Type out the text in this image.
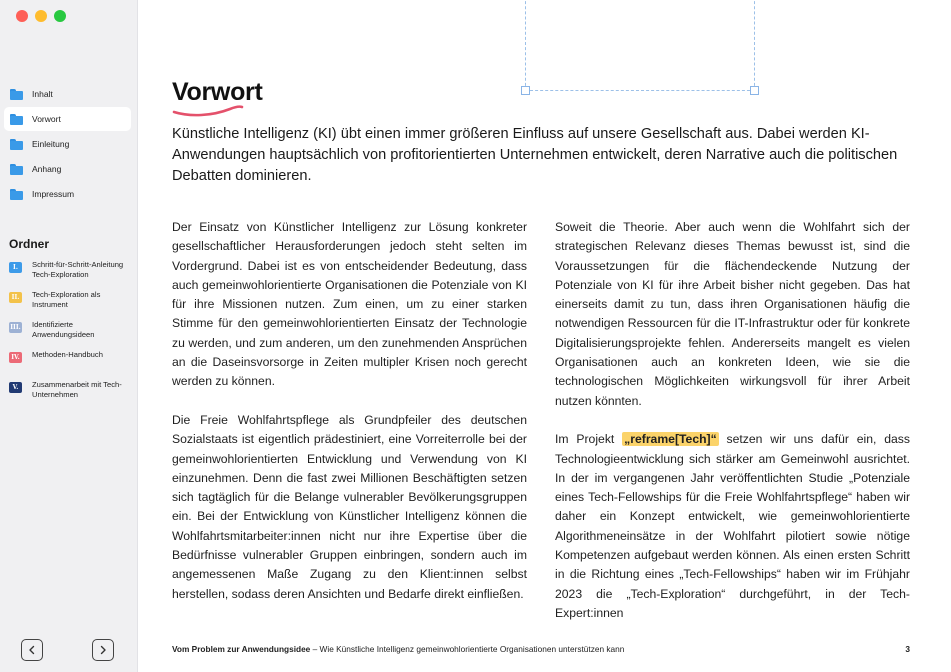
Inhalt
Vorwort
Einleitung
Anhang
Impressum
Ordner
I.	Schritt-für-Schritt-Anleitung Tech-Exploration
II.	Tech-Exploration als Instrument
III. Identifizierte Anwendungsideen
IV. Methoden-Handbuch
V.	Zusammenarbeit mit Tech-Unternehmen
Vorwort

Künstliche Intelligenz (KI) übt einen immer größeren Einfluss auf unsere Gesellschaft aus. Dabei werden KI-Anwendungen hauptsächlich von profitorientierten Unternehmen entwickelt, deren Narrative auch die politischen Debatten dominieren.

Der Einsatz von Künstlicher Intelligenz zur Lösung konkreter gesellschaftlicher Herausforderungen jedoch steht selten im Vordergrund. Dabei ist es von entscheidender Bedeutung, dass auch gemeinwohlorientierte Organisationen die Potenziale von KI für ihre Missionen nutzen. Zum einen, um zu einer starken Stimme für den gemeinwohlorientierten Einsatz der Technologie zu werden, und zum anderen, um den zunehmenden Ansprüchen an die Daseinsvorsorge in Zeiten multipler Krisen noch gerecht werden zu können.

Die Freie Wohlfahrtspflege als Grundpfeiler des deutschen Sozialstaats ist eigentlich prädestiniert, eine Vorreiterrolle bei der gemeinwohlorientierten Entwicklung und Verwendung von KI einzunehmen. Denn die fast zwei Millionen Beschäftigten setzen sich tagtäglich für die Belange vulnerabler Bevölkerungsgruppen ein. Bei der Entwicklung von Künstlicher Intelligenz können die Wohlfahrtsmitarbeiter:innen nicht nur ihre Expertise über die Bedürfnisse vulnerabler Gruppen einbringen, sondern auch im angemessenen Maße Zugang zu den Klient:innen selbst herstellen, sodass deren Ansichten und Bedarfe direkt einfließen.

Soweit die Theorie. Aber auch wenn die Wohlfahrt sich der strategischen Relevanz dieses Themas bewusst ist, sind die Voraussetzungen für die flächendeckende Nutzung der Potenziale von KI für ihre Arbeit bisher nicht gegeben. Das hat einerseits damit zu tun, dass ihren Organisationen häufig die notwendigen Ressourcen für die IT-Infrastruktur oder für konkrete Digitalisierungsprojekte fehlen. Andererseits mangelt es vielen Organisationen auch an konkreten Ideen, wie sie die technologischen Möglichkeiten wirkungsvoll für ihrer Arbeit nutzen könnten.

Im Projekt „reframe[Tech]“ setzen wir uns dafür ein, dass Technologieentwicklung sich stärker am Gemeinwohl ausrichtet. In der im vergangenen Jahr veröffentlichten Studie „Potenziale eines Tech-Fellowships für die Freie Wohlfahrtspflege“ haben wir daher ein Konzept entwickelt, wie gemeinwohlorientierte Algorithmeneinsätze in der Wohlfahrt pilotiert sowie nötige Kompetenzen aufgebaut werden können. Als einen ersten Schritt in die Richtung eines „Tech-Fellowships“ haben wir im Frühjahr 2023 die „Tech-Exploration“ durchgeführt, in der Tech-Expert:innen

Vom Problem zur Anwendungsidee – Wie Künstliche Intelligenz gemeinwohlorientierte Organisationen unterstützen kann	3
